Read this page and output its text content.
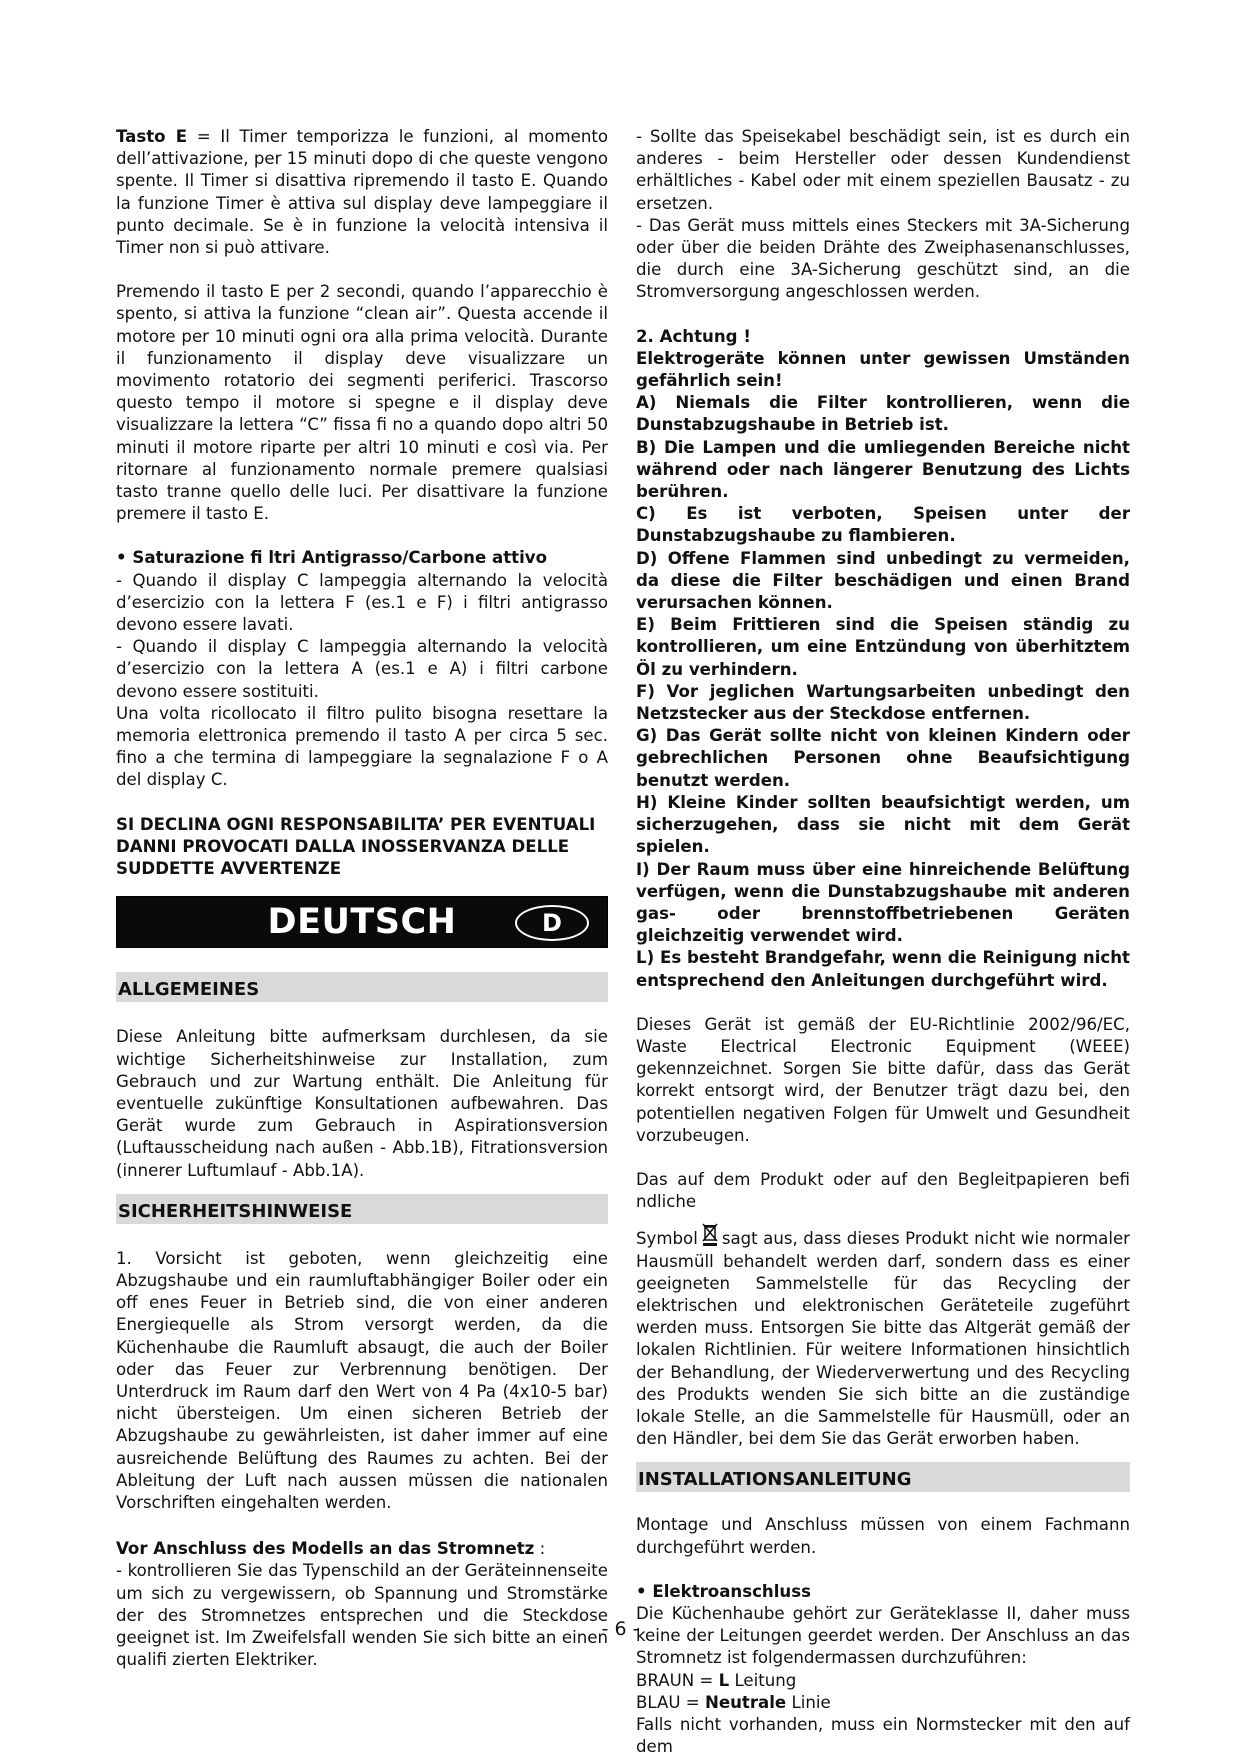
Tasto E = Il Timer temporizza le funzioni, al momento dell’attivazione, per 15 minuti dopo di che queste vengono spente. Il Timer si disattiva ripremendo il tasto E. Quando la funzione Timer è attiva sul display deve lampeggiare il punto decimale. Se è in funzione la velocità intensiva il Timer non si può attivare.

Premendo il tasto E per 2 secondi, quando l’apparecchio è spento, si attiva la funzione “clean air”. Questa accende il motore per 10 minuti ogni ora alla prima velocità. Durante il funzionamento il display deve visualizzare un movimento rotatorio dei segmenti periferici. Trascorso questo tempo il motore si spegne e il display deve visualizzare la lettera “C” fissa fi no a quando dopo altri 50 minuti il motore riparte per altri 10 minuti e così via. Per ritornare al funzionamento normale premere qualsiasi tasto tranne quello delle luci. Per disattivare la funzione premere il tasto E.

• Saturazione fi ltri Antigrasso/Carbone attivo

- Quando il display C lampeggia alternando la velocità d’esercizio con la lettera F (es.1 e F) i filtri antigrasso devono essere lavati.

- Quando il display C lampeggia alternando la velocità d’esercizio con la lettera A (es.1 e A) i filtri carbone devono essere sostituiti.

Una volta ricollocato il filtro pulito bisogna resettare la memoria elettronica premendo il tasto A per circa 5 sec. fino a che termina di lampeggiare la segnalazione F o A del display C.

SI DECLINA OGNI RESPONSABILITA’ PER EVENTUALI DANNI PROVOCATI DALLA INOSSERVANZA DELLE SUDDETTE AVVERTENZE

DEUTSCH	D
ALLGEMEINES

Diese Anleitung bitte aufmerksam durchlesen, da sie wichtige Sicherheitshinweise zur Installation, zum Gebrauch und zur Wartung enthält. Die Anleitung für eventuelle zukünftige Konsultationen aufbewahren. Das Gerät wurde zum Gebrauch in Aspirationsversion (Luftausscheidung nach außen - Abb.1B), Fitrationsversion (innerer Luftumlauf - Abb.1A).

SICHERHEITSHINWEISE

1. Vorsicht ist geboten, wenn gleichzeitig eine Abzugshaube und ein raumluftabhängiger Boiler oder ein off enes Feuer in Betrieb sind, die von einer anderen Energiequelle als Strom versorgt werden, da die Küchenhaube die Raumluft absaugt, die auch der Boiler oder das Feuer zur Verbrennung benötigen. Der Unterdruck im Raum darf den Wert von 4 Pa (4x10-5 bar) nicht übersteigen. Um einen sicheren Betrieb der Abzugshaube zu gewährleisten, ist daher immer auf eine ausreichende Belüftung des Raumes zu achten. Bei der Ableitung der Luft nach aussen müssen die nationalen Vorschriften eingehalten werden.

Vor Anschluss des Modells an das Stromnetz :

- kontrollieren Sie das Typenschild an der Geräteinnenseite um sich zu vergewissern, ob Spannung und Stromstärke der des Stromnetzes entsprechen und die Steckdose geeignet ist. Im Zweifelsfall wenden Sie sich bitte an einen qualifi zierten Elektriker.

- Sollte das Speisekabel beschädigt sein, ist es durch ein anderes - beim Hersteller oder dessen Kundendienst erhältliches - Kabel oder mit einem speziellen Bausatz - zu ersetzen.

- Das Gerät muss mittels eines Steckers mit 3A-Sicherung oder über die beiden Drähte des Zweiphasenanschlusses, die durch eine 3A-Sicherung geschützt sind, an die Stromversorgung angeschlossen werden.

2. Achtung !

Elektrogeräte können unter gewissen Umständen gefährlich sein!

A) Niemals die Filter kontrollieren, wenn die Dunstabzugshaube in Betrieb ist.

B) Die Lampen und die umliegenden Bereiche nicht während oder nach längerer Benutzung des Lichts berühren.

C) Es ist verboten, Speisen unter der Dunstabzugshaube zu flambieren.

D) Offene Flammen sind unbedingt zu vermeiden, da diese die Filter beschädigen und einen Brand verursachen können.

E) Beim Frittieren sind die Speisen ständig zu kontrollieren, um eine Entzündung von überhitztem Öl zu verhindern.

F) Vor jeglichen Wartungsarbeiten unbedingt den Netzstecker aus der Steckdose entfernen.

G) Das Gerät sollte nicht von kleinen Kindern oder gebrechlichen Personen ohne Beaufsichtigung benutzt werden.

H) Kleine Kinder sollten beaufsichtigt werden, um sicherzugehen, dass sie nicht mit dem Gerät spielen.

I) Der Raum muss über eine hinreichende Belüftung verfügen, wenn die Dunstabzugshaube mit anderen gas- oder brennstoffbetriebenen Geräten gleichzeitig verwendet wird.

L) Es besteht Brandgefahr, wenn die Reinigung nicht entsprechend den Anleitungen durchgeführt wird.

Dieses Gerät ist gemäß der EU-Richtlinie 2002/96/EC, Waste Electrical Electronic Equipment (WEEE) gekennzeichnet. Sorgen Sie bitte dafür, dass das Gerät korrekt entsorgt wird, der Benutzer trägt dazu bei, den potentiellen negativen Folgen für Umwelt und Gesundheit vorzubeugen.

Das auf dem Produkt oder auf den Begleitpapieren befi ndliche

Symbol sagt aus, dass dieses Produkt nicht wie normaler Hausmüll behandelt werden darf, sondern dass es einer geeigneten Sammelstelle für das Recycling der elektrischen und elektronischen Geräteteile zugeführt werden muss. Entsorgen Sie bitte das Altgerät gemäß der lokalen Richtlinien. Für weitere Informationen hinsichtlich der Behandlung, der Wiederverwertung und des Recycling des Produkts wenden Sie sich bitte an die zuständige lokale Stelle, an die Sammelstelle für Hausmüll, oder an den Händler, bei dem Sie das Gerät erworben haben.

INSTALLATIONSANLEITUNG

Montage und Anschluss müssen von einem Fachmann durchgeführt werden.

• Elektroanschluss

Die Küchenhaube gehört zur Geräteklasse II, daher muss keine der Leitungen geerdet werden. Der Anschluss an das Stromnetz ist folgendermassen durchzuführen:

BRAUN = L Leitung

BLAU = Neutrale Linie

Falls nicht vorhanden, muss ein Normstecker mit den auf dem

- 6 -
